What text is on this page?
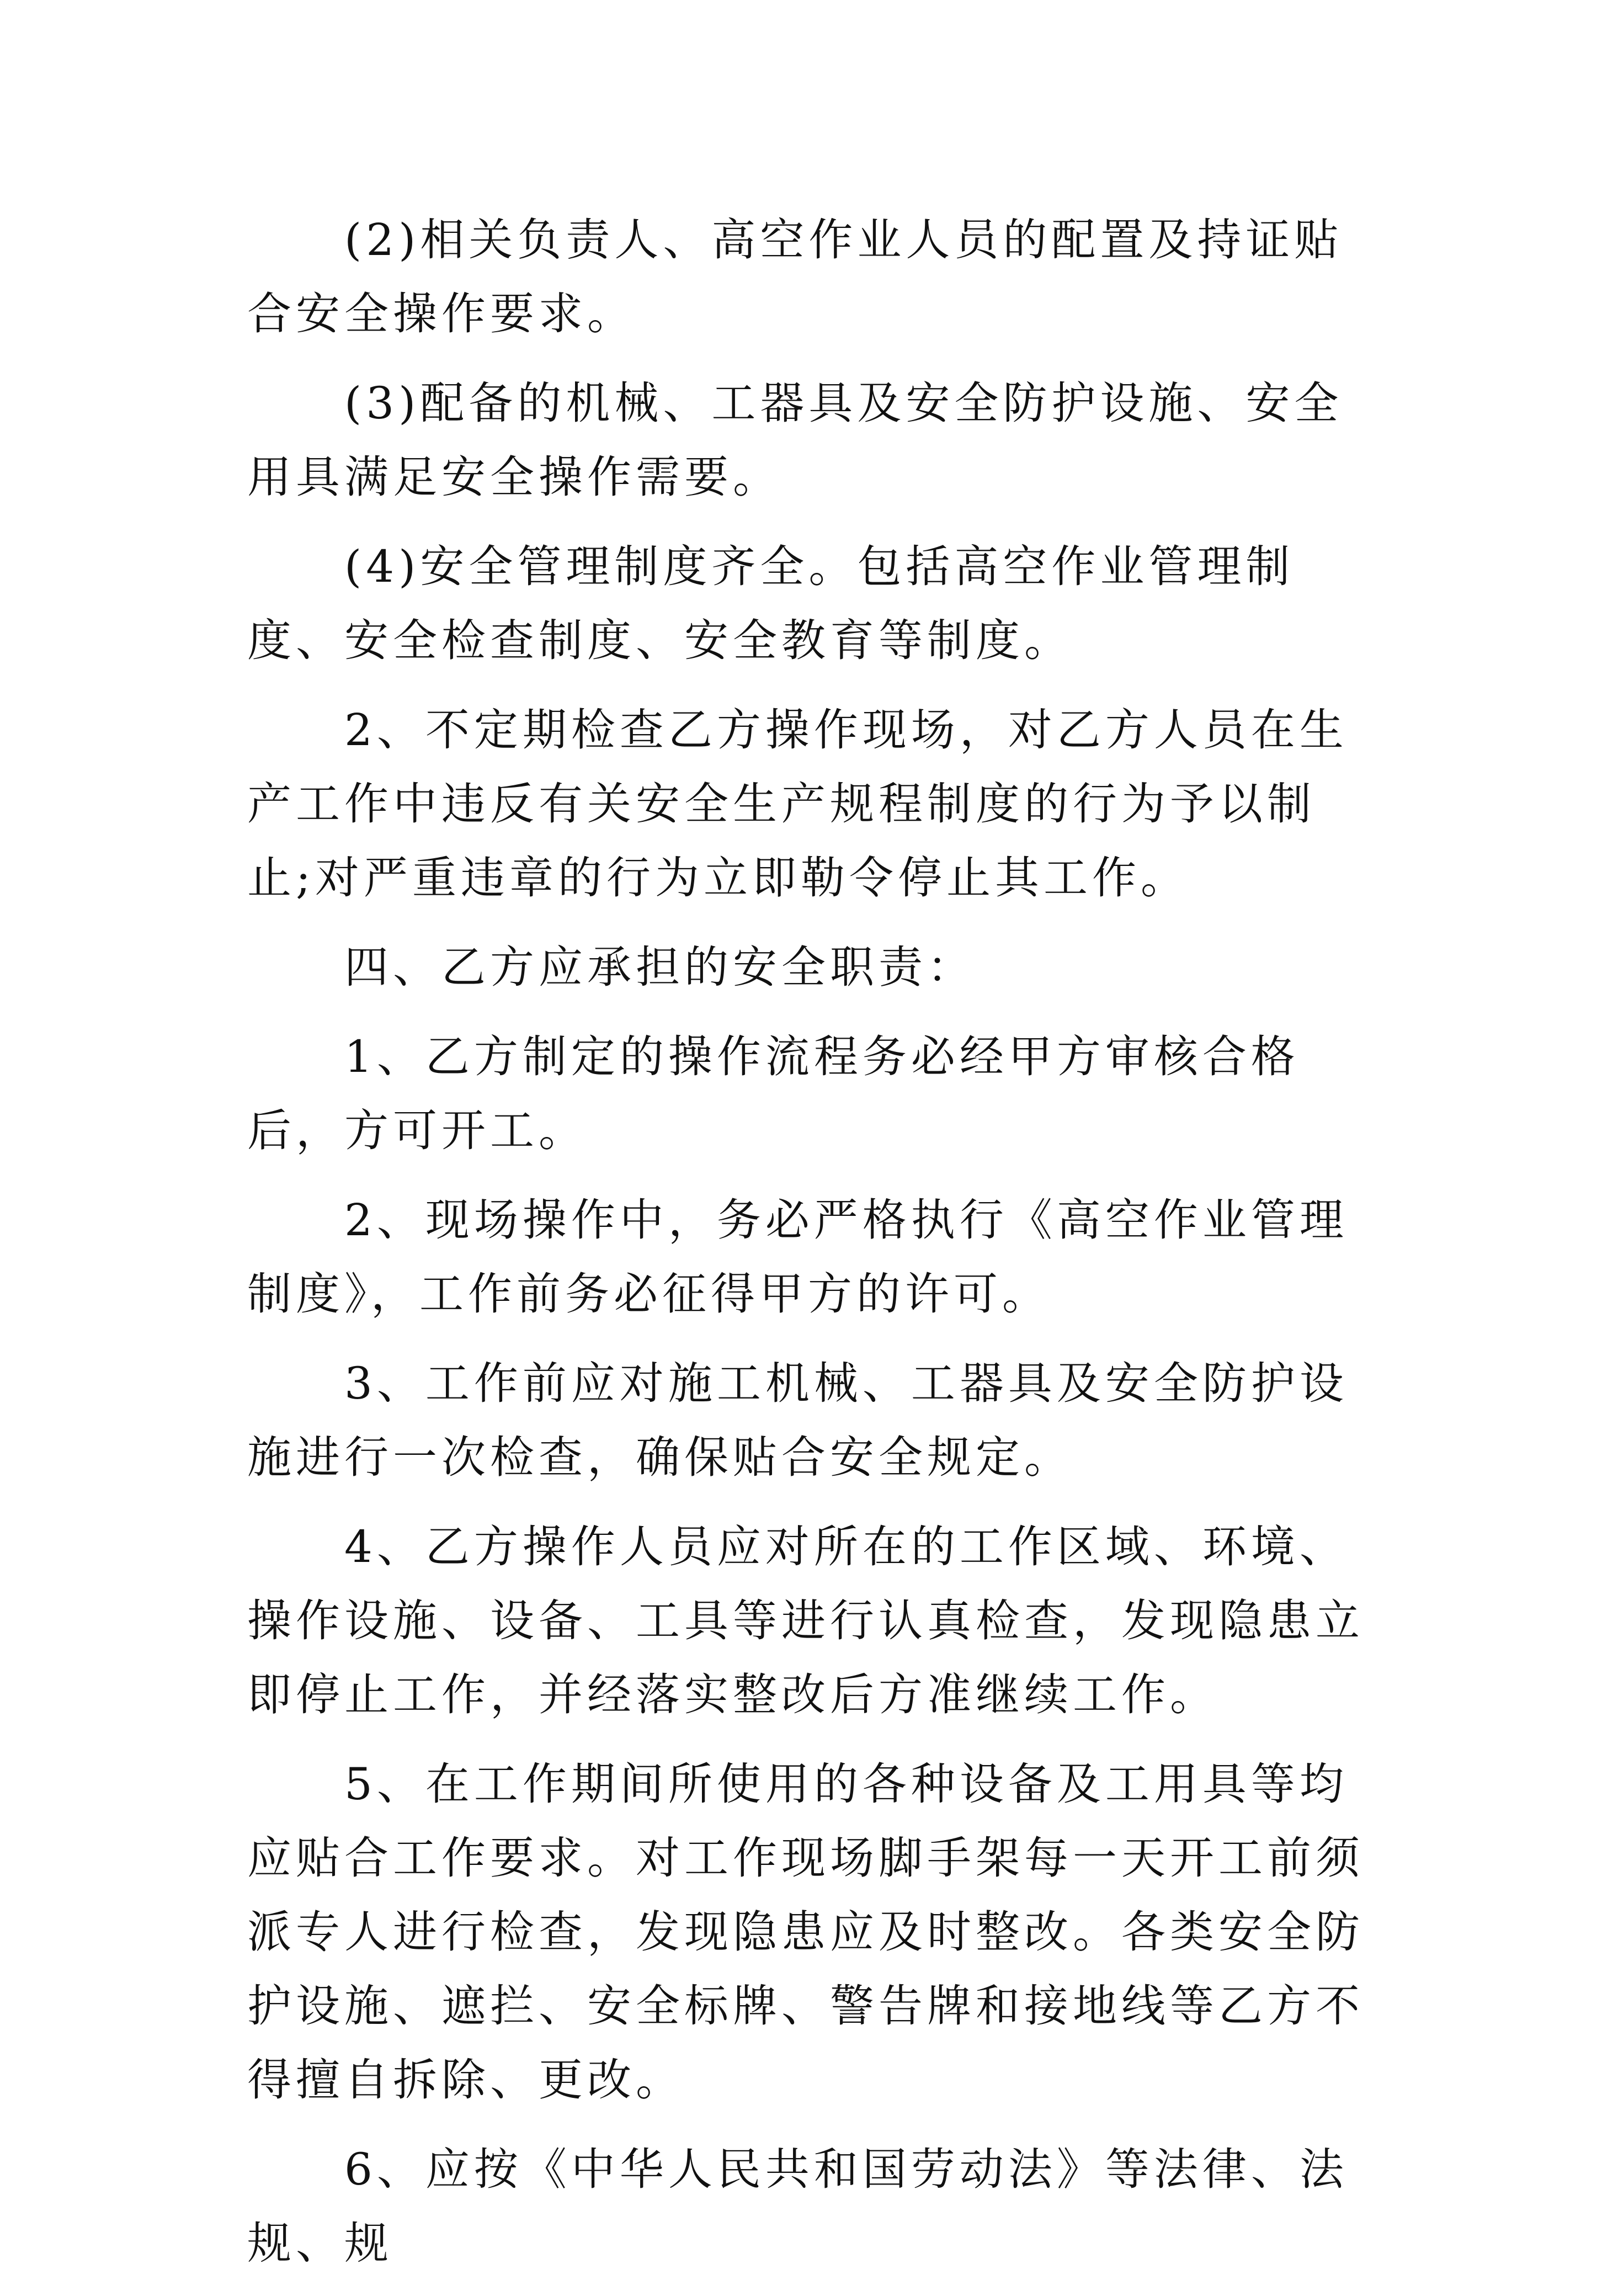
(2)相关负责人、高空作业人员的配置及持证贴合安全操作要求。

(3)配备的机械、工器具及安全防护设施、安全用具满足安全操作需要。

(4)安全管理制度齐全。包括高空作业管理制度、安全检查制度、安全教育等制度。

2、不定期检查乙方操作现场，对乙方人员在生产工作中违反有关安全生产规程制度的行为予以制止;对严重违章的行为立即勒令停止其工作。

四、乙方应承担的安全职责：

1、乙方制定的操作流程务必经甲方审核合格后，方可开工。

2、现场操作中，务必严格执行《高空作业管理制度》，工作前务必征得甲方的许可。

3、工作前应对施工机械、工器具及安全防护设施进行一次检查，确保贴合安全规定。

4、乙方操作人员应对所在的工作区域、环境、操作设施、设备、工具等进行认真检查，发现隐患立即停止工作，并经落实整改后方准继续工作。

5、在工作期间所使用的各种设备及工用具等均应贴合工作要求。对工作现场脚手架每一天开工前须派专人进行检查，发现隐患应及时整改。各类安全防护设施、遮拦、安全标牌、警告牌和接地线等乙方不得擅自拆除、更改。

6、应按《中华人民共和国劳动法》等法律、法规、规
